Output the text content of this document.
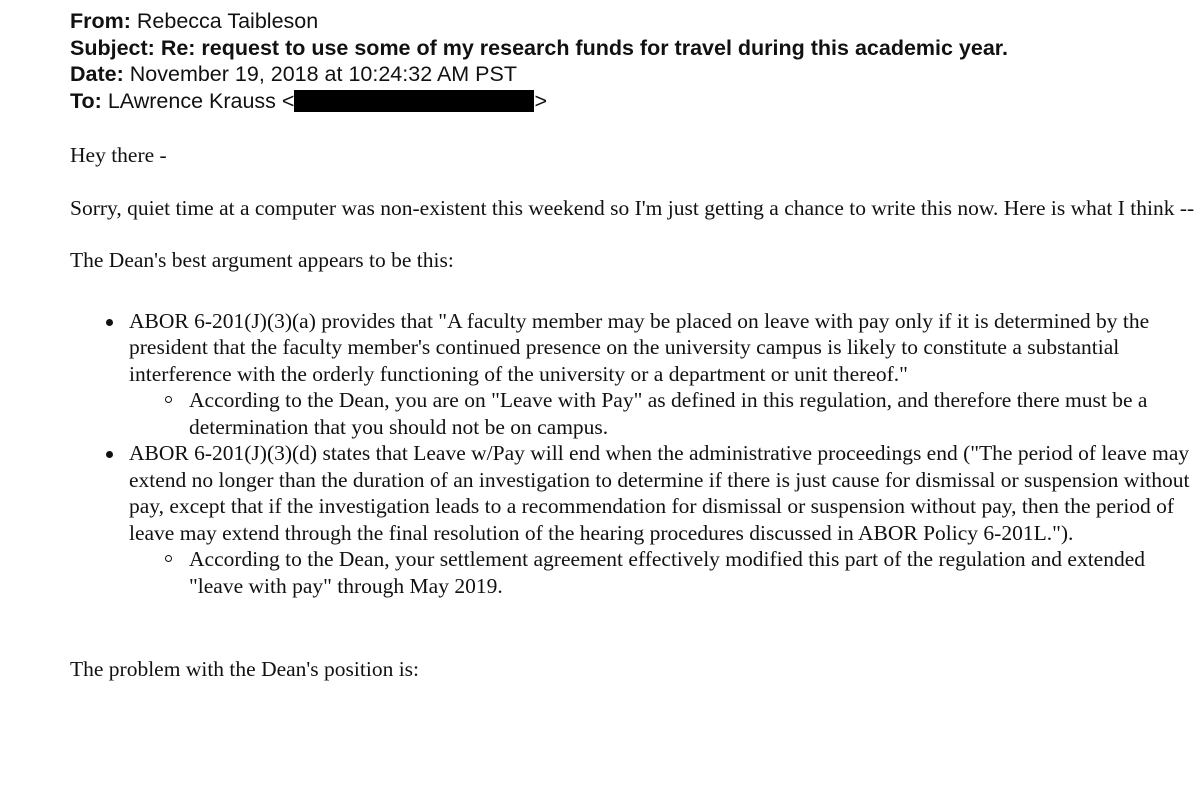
From: Rebecca Taibleson
Subject: Re: request to use some of my research funds for travel during this academic year.
Date: November 19, 2018 at 10:24:32 AM PST
To: LAwrence Krauss <	>

Hey there -

Sorry, quiet time at a computer was non-existent this weekend so I'm just getting a chance to write this now. Here is what I think --

The Dean's best argument appears to be this:

ABOR 6-201(J)(3)(a) provides that "A faculty member may be placed on leave with pay only if it is determined by the president that the faculty member's continued presence on the university campus is likely to constitute a substantial interference with the orderly functioning of the university or a department or unit thereof."
According to the Dean, you are on "Leave with Pay" as defined in this regulation, and therefore there must be a determination that you should not be on campus.
ABOR 6-201(J)(3)(d) states that Leave w/Pay will end when the administrative proceedings end ("The period of leave may extend no longer than the duration of an investigation to determine if there is just cause for dismissal or suspension without pay, except that if the investigation leads to a recommendation for dismissal or suspension without pay, then the period of leave may extend through the final resolution of the hearing procedures discussed in ABOR Policy 6-201L.").
According to the Dean, your settlement agreement effectively modified this part of the regulation and extended "leave with pay" through May 2019.

The problem with the Dean's position is:
